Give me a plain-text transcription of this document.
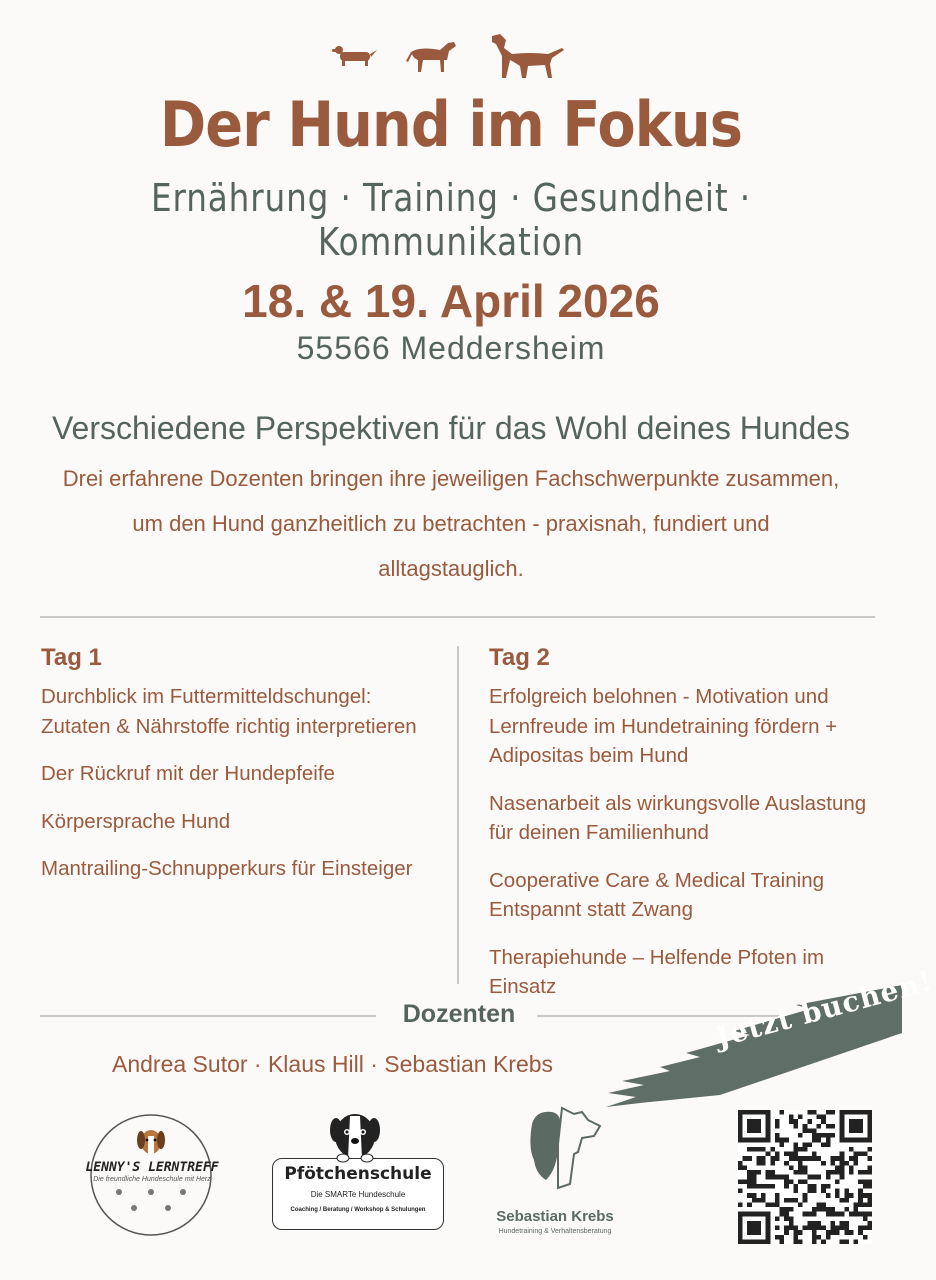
Der Hund im Fokus
Ernährung · Training · Gesundheit · Kommunikation
18. & 19. April 2026
55566 Meddersheim
Verschiedene Perspektiven für das Wohl deines Hundes
Drei erfahrene Dozenten bringen ihre jeweiligen Fachschwerpunkte zusammen, um den Hund ganzheitlich zu betrachten - praxisnah, fundiert und alltagstauglich.
Tag 1
Durchblick im Futtermitteldschungel: Zutaten & Nährstoffe richtig interpretieren
Der Rückruf mit der Hundepfeife
Körpersprache Hund
Mantrailing-Schnupperkurs für Einsteiger
Tag 2
Erfolgreich belohnen - Motivation und Lernfreude im Hundetraining fördern + Adipositas beim Hund
Nasenarbeit als wirkungsvolle Auslastung für deinen Familienhund
Cooperative Care & Medical Training Entspannt statt Zwang
Therapiehunde – Helfende Pfoten im Einsatz
Dozenten
Andrea Sutor · Klaus Hill · Sebastian Krebs
Jetzt buchen!
LENNY'S LERNTREFF
Die freundliche Hundeschule mit Herz	Pfötchenschule
Die SMARTe Hundeschule
Coaching / Beratung / Workshop & Schulungen	Sebastian Krebs
Hundetraining & Verhaltensberatung
